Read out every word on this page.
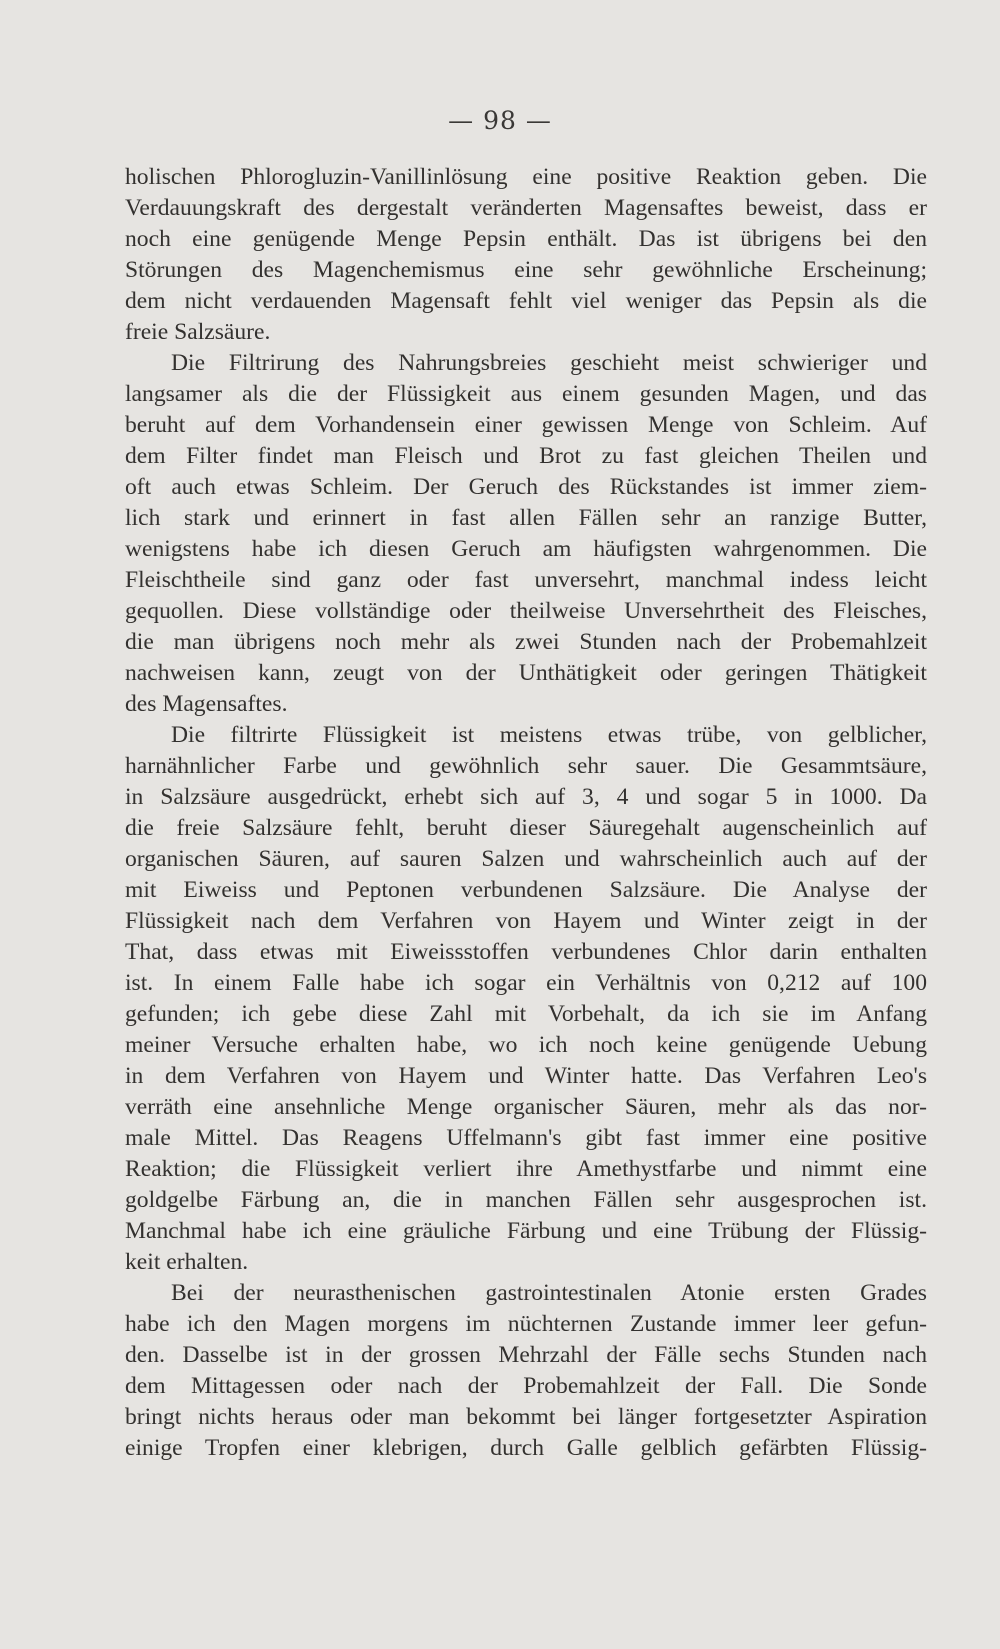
— 98 —
holischen Phlorogluzin-Vanillinlösung eine positive Reaktion geben. Die
Verdauungskraft des dergestalt veränderten Magensaftes beweist, dass er
noch eine genügende Menge Pepsin enthält. Das ist übrigens bei den
Störungen des Magenchemismus eine sehr gewöhnliche Erscheinung;
dem nicht verdauenden Magensaft fehlt viel weniger das Pepsin als die
freie Salzsäure.
Die Filtrirung des Nahrungsbreies geschieht meist schwieriger und
langsamer als die der Flüssigkeit aus einem gesunden Magen, und das
beruht auf dem Vorhandensein einer gewissen Menge von Schleim. Auf
dem Filter findet man Fleisch und Brot zu fast gleichen Theilen und
oft auch etwas Schleim. Der Geruch des Rückstandes ist immer ziem-
lich stark und erinnert in fast allen Fällen sehr an ranzige Butter,
wenigstens habe ich diesen Geruch am häufigsten wahrgenommen. Die
Fleischtheile sind ganz oder fast unversehrt, manchmal indess leicht
gequollen. Diese vollständige oder theilweise Unversehrtheit des Fleisches,
die man übrigens noch mehr als zwei Stunden nach der Probemahlzeit
nachweisen kann, zeugt von der Unthätigkeit oder geringen Thätigkeit
des Magensaftes.
Die filtrirte Flüssigkeit ist meistens etwas trübe, von gelblicher,
harnähnlicher Farbe und gewöhnlich sehr sauer. Die Gesammtsäure,
in Salzsäure ausgedrückt, erhebt sich auf 3, 4 und sogar 5 in 1000. Da
die freie Salzsäure fehlt, beruht dieser Säuregehalt augenscheinlich auf
organischen Säuren, auf sauren Salzen und wahrscheinlich auch auf der
mit Eiweiss und Peptonen verbundenen Salzsäure. Die Analyse der
Flüssigkeit nach dem Verfahren von Hayem und Winter zeigt in der
That, dass etwas mit Eiweissstoffen verbundenes Chlor darin enthalten
ist. In einem Falle habe ich sogar ein Verhältnis von 0,212 auf 100
gefunden; ich gebe diese Zahl mit Vorbehalt, da ich sie im Anfang
meiner Versuche erhalten habe, wo ich noch keine genügende Uebung
in dem Verfahren von Hayem und Winter hatte. Das Verfahren Leo's
verräth eine ansehnliche Menge organischer Säuren, mehr als das nor-
male Mittel. Das Reagens Uffelmann's gibt fast immer eine positive
Reaktion; die Flüssigkeit verliert ihre Amethystfarbe und nimmt eine
goldgelbe Färbung an, die in manchen Fällen sehr ausgesprochen ist.
Manchmal habe ich eine gräuliche Färbung und eine Trübung der Flüssig-
keit erhalten.
Bei der neurasthenischen gastrointestinalen Atonie ersten Grades
habe ich den Magen morgens im nüchternen Zustande immer leer gefun-
den. Dasselbe ist in der grossen Mehrzahl der Fälle sechs Stunden nach
dem Mittagessen oder nach der Probemahlzeit der Fall. Die Sonde
bringt nichts heraus oder man bekommt bei länger fortgesetzter Aspiration
einige Tropfen einer klebrigen, durch Galle gelblich gefärbten Flüssig-
